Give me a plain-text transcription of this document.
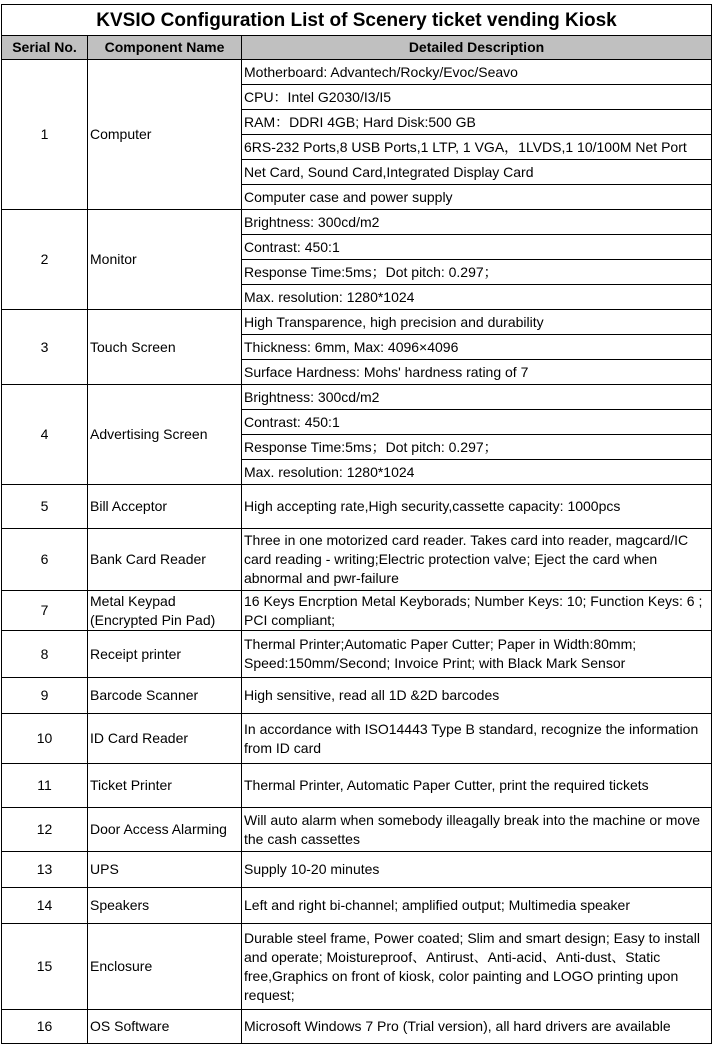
KVSIO Configuration List of Scenery ticket vending Kiosk		
Serial No.	Component Name	Detailed Description
1	Computer	Motherboard: Advantech/Rocky/Evoc/Seavo
		CPU：Intel G2030/I3/I5
		RAM：DDRI 4GB; Hard Disk:500 GB
		6RS-232 Ports,8 USB Ports,1 LTP, 1 VGA，1LVDS,1 10/100M Net Port
		Net Card, Sound Card,Integrated Display Card
		Computer case and power supply
2	Monitor	Brightness: 300cd/m2
		Contrast: 450:1
		Response Time:5ms；Dot pitch: 0.297；
		Max. resolution: 1280*1024
3	Touch Screen	High Transparence, high precision and durability
		Thickness: 6mm, Max: 4096×4096
		Surface Hardness: Mohs' hardness rating of 7
4	Advertising Screen	Brightness: 300cd/m2
		Contrast: 450:1
		Response Time:5ms；Dot pitch: 0.297；
		Max. resolution: 1280*1024
5	Bill Acceptor	High accepting rate,High security,cassette capacity: 1000pcs
6	Bank Card Reader	Three in one motorized card reader. Takes card into reader, magcard/IC card reading - writing;Electric protection valve; Eject the card when abnormal and pwr-failure
7	Metal Keypad (Encrypted Pin Pad)	16 Keys Encrption Metal Keyborads; Number Keys: 10; Function Keys: 6 ; PCI compliant;
8	Receipt printer	Thermal Printer;Automatic Paper Cutter; Paper in Width:80mm; Speed:150mm/Second; Invoice Print; with Black Mark Sensor
9	Barcode Scanner	High sensitive, read all 1D &2D barcodes
10	ID Card Reader	In accordance with ISO14443 Type B standard, recognize the information from ID card
11	Ticket Printer	Thermal Printer, Automatic Paper Cutter, print the required tickets
12	Door Access Alarming	Will auto alarm when somebody illeagally break into the machine or move the cash cassettes
13	UPS	Supply 10-20 minutes
14	Speakers	Left and right bi-channel; amplified output; Multimedia speaker
15	Enclosure	Durable steel frame, Power coated; Slim and smart design; Easy to install and operate; Moistureproof、Antirust、Anti-acid、Anti-dust、Static free,Graphics on front of kiosk, color painting and LOGO printing upon request;
16	OS Software	Microsoft Windows 7 Pro (Trial version), all hard drivers are available
